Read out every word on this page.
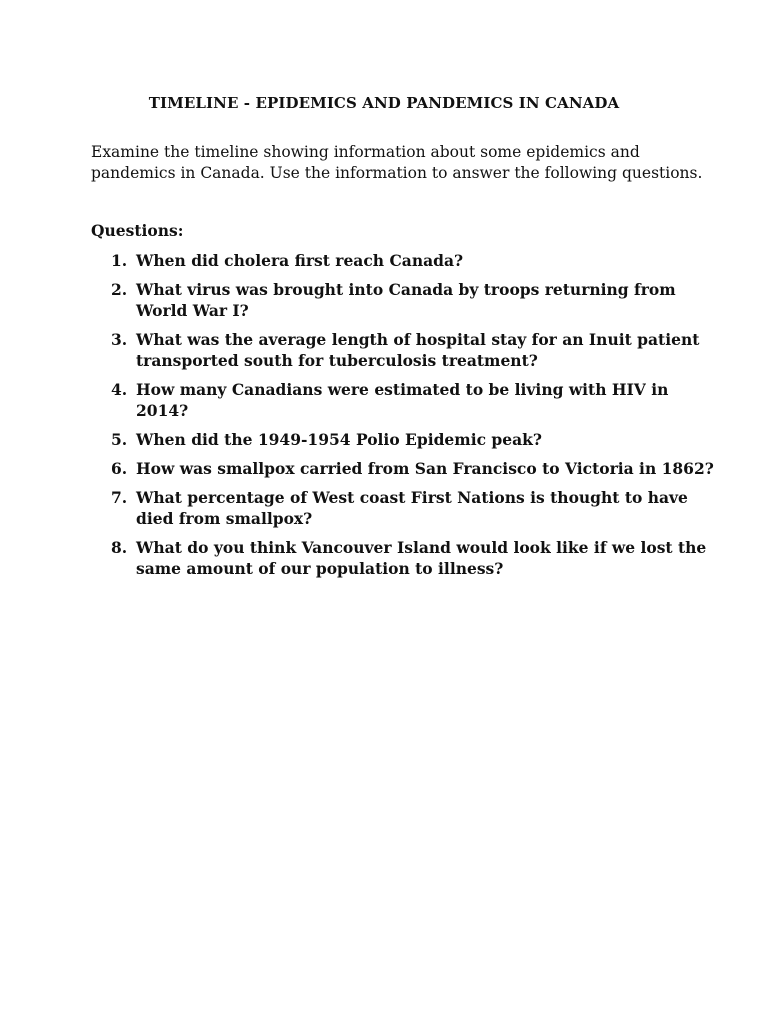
TIMELINE - EPIDEMICS AND PANDEMICS IN CANADA

Examine the timeline showing information about some epidemics and
pandemics in Canada. Use the information to answer the following questions.

Questions:
1. When did cholera first reach Canada?
2. What virus was brought into Canada by troops returning from
World War I?
3. What was the average length of hospital stay for an Inuit patient
transported south for tuberculosis treatment?
4. How many Canadians were estimated to be living with HIV in
2014?
5. When did the 1949-1954 Polio Epidemic peak?
6. How was smallpox carried from San Francisco to Victoria in 1862?
7. What percentage of West coast First Nations is thought to have
died from smallpox?
8. What do you think Vancouver Island would look like if we lost the
same amount of our population to illness?
